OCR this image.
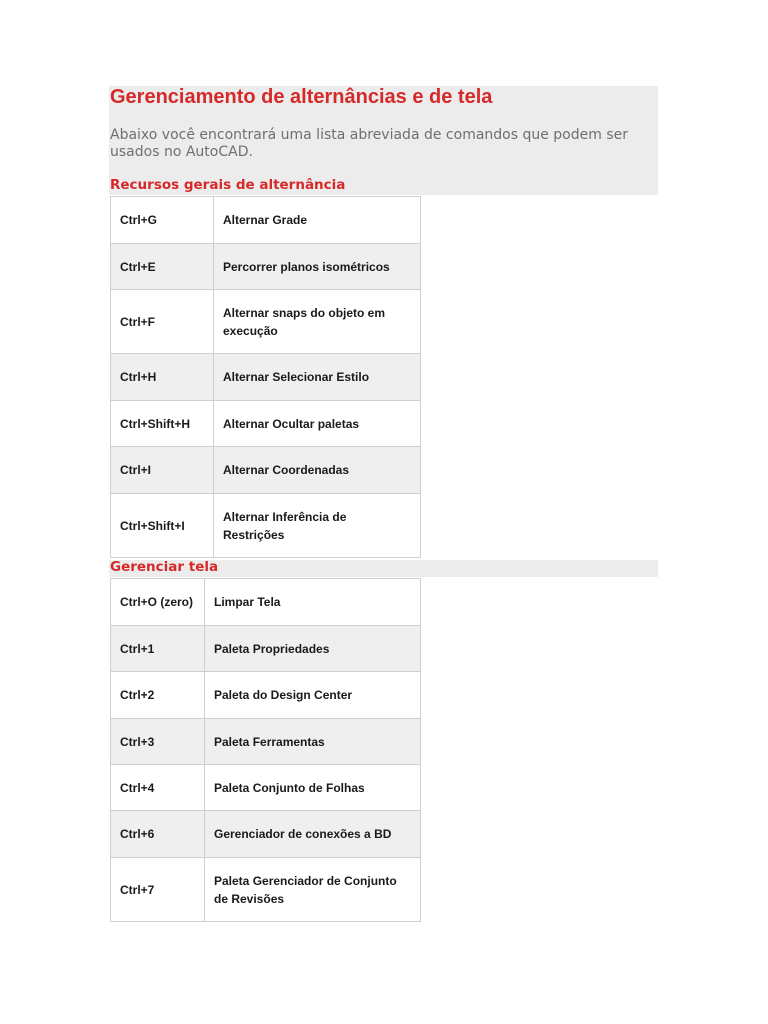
Gerenciamento de alternâncias e de tela

Abaixo você encontrará uma lista abreviada de comandos que podem ser usados no AutoCAD.

Recursos gerais de alternância
Ctrl+G	Alternar Grade
Ctrl+E	Percorrer planos isométricos
Ctrl+F	Alternar snaps do objeto em execução
Ctrl+H	Alternar Selecionar Estilo
Ctrl+Shift+H	Alternar Ocultar paletas
Ctrl+I	Alternar Coordenadas
Ctrl+Shift+I	Alternar Inferência de Restrições
Gerenciar tela
Ctrl+O (zero)	Limpar Tela
Ctrl+1	Paleta Propriedades
Ctrl+2	Paleta do Design Center
Ctrl+3	Paleta Ferramentas
Ctrl+4	Paleta Conjunto de Folhas
Ctrl+6	Gerenciador de conexões a BD
Ctrl+7	Paleta Gerenciador de Conjunto de Revisões
